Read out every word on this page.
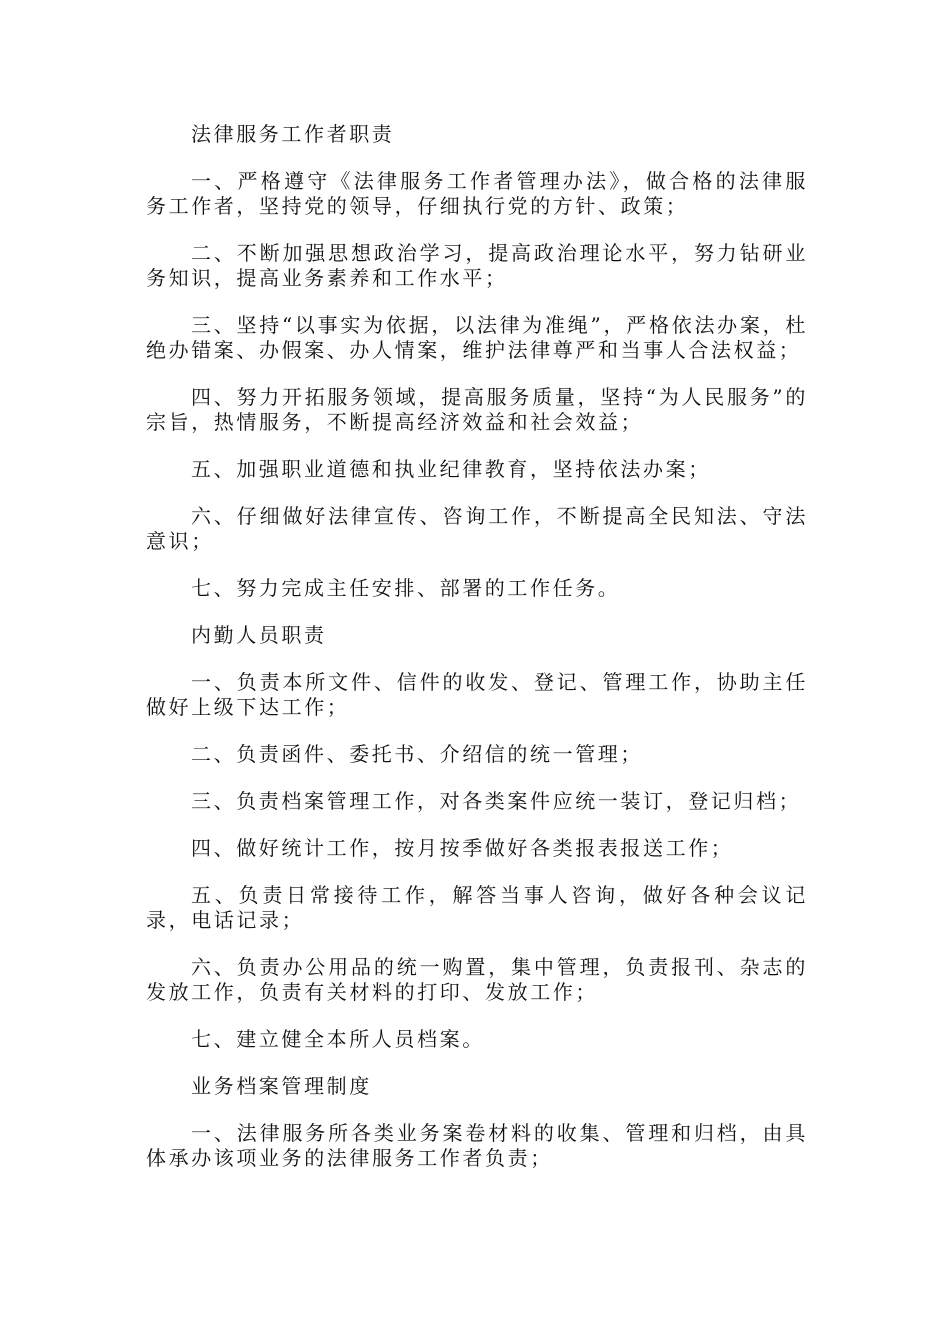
法律服务工作者职责

一、严格遵守《法律服务工作者管理办法》，做合格的法律服务工作者，坚持党的领导，仔细执行党的方针、政策；

二、不断加强思想政治学习，提高政治理论水平，努力钻研业务知识，提高业务素养和工作水平；

三、坚持“以事实为依据，以法律为准绳”，严格依法办案，杜绝办错案、办假案、办人情案，维护法律尊严和当事人合法权益；

四、努力开拓服务领域，提高服务质量，坚持“为人民服务”的宗旨，热情服务，不断提高经济效益和社会效益；

五、加强职业道德和执业纪律教育，坚持依法办案；

六、仔细做好法律宣传、咨询工作，不断提高全民知法、守法意识；

七、努力完成主任安排、部署的工作任务。

内勤人员职责

一、负责本所文件、信件的收发、登记、管理工作，协助主任做好上级下达工作；

二、负责函件、委托书、介绍信的统一管理；

三、负责档案管理工作，对各类案件应统一装订，登记归档；

四、做好统计工作，按月按季做好各类报表报送工作；

五、负责日常接待工作，解答当事人咨询，做好各种会议记录，电话记录；

六、负责办公用品的统一购置，集中管理，负责报刊、杂志的发放工作，负责有关材料的打印、发放工作；

七、建立健全本所人员档案。

业务档案管理制度

一、法律服务所各类业务案卷材料的收集、管理和归档，由具体承办该项业务的法律服务工作者负责；
